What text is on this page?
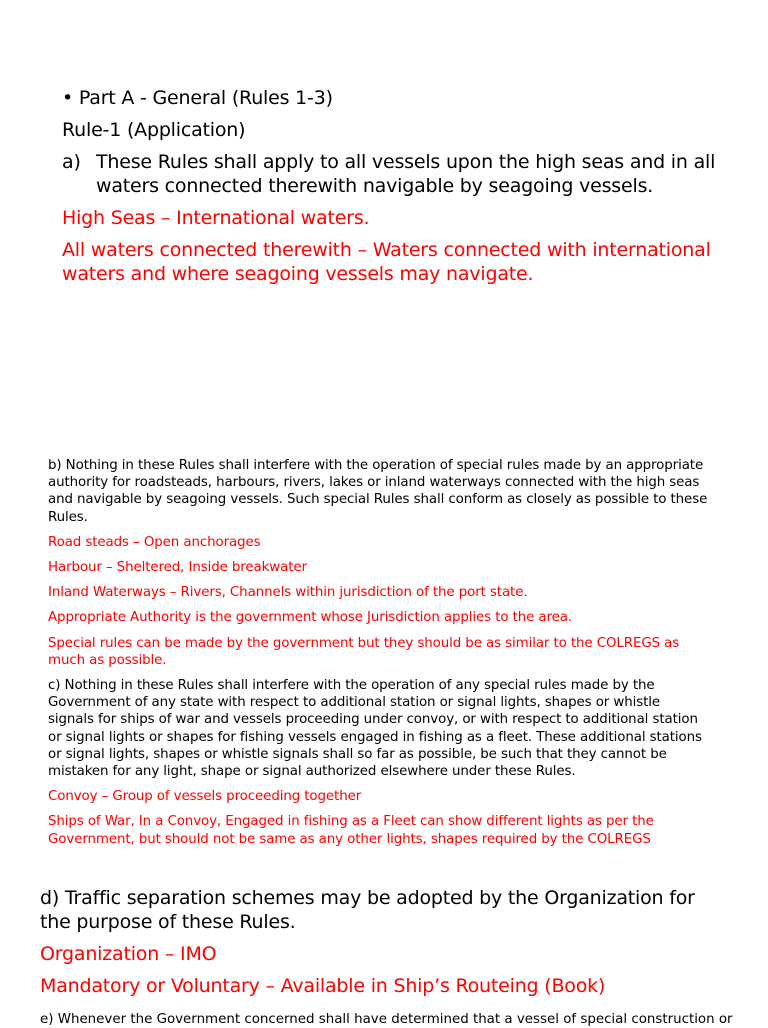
• Part A - General (Rules 1-3)

Rule-1 (Application)

a) These Rules shall apply to all vessels upon the high seas and in all waters connected therewith navigable by seagoing vessels.

High Seas – International waters.

All waters connected therewith – Waters connected with international waters and where seagoing vessels may navigate.

b) Nothing in these Rules shall interfere with the operation of special rules made by an appropriate authority for roadsteads, harbours, rivers, lakes or inland waterways connected with the high seas and navigable by seagoing vessels. Such special Rules shall conform as closely as possible to these Rules.

Road steads – Open anchorages

Harbour – Sheltered, Inside breakwater

Inland Waterways – Rivers, Channels within jurisdiction of the port state.

Appropriate Authority is the government whose Jurisdiction applies to the area.

Special rules can be made by the government but they should be as similar to the COLREGS as much as possible.

c) Nothing in these Rules shall interfere with the operation of any special rules made by the Government of any state with respect to additional station or signal lights, shapes or whistle signals for ships of war and vessels proceeding under convoy, or with respect to additional station or signal lights or shapes for fishing vessels engaged in fishing as a fleet. These additional stations or signal lights, shapes or whistle signals shall so far as possible, be such that they cannot be mistaken for any light, shape or signal authorized elsewhere under these Rules.

Convoy – Group of vessels proceeding together

Ships of War, In a Convoy, Engaged in fishing as a Fleet can show different lights as per the Government, but should not be same as any other lights, shapes required by the COLREGS

d) Traffic separation schemes may be adopted by the Organization for the purpose of these Rules.

Organization – IMO

Mandatory or Voluntary – Available in Ship’s Routeing (Book)

e) Whenever the Government concerned shall have determined that a vessel of special construction or
